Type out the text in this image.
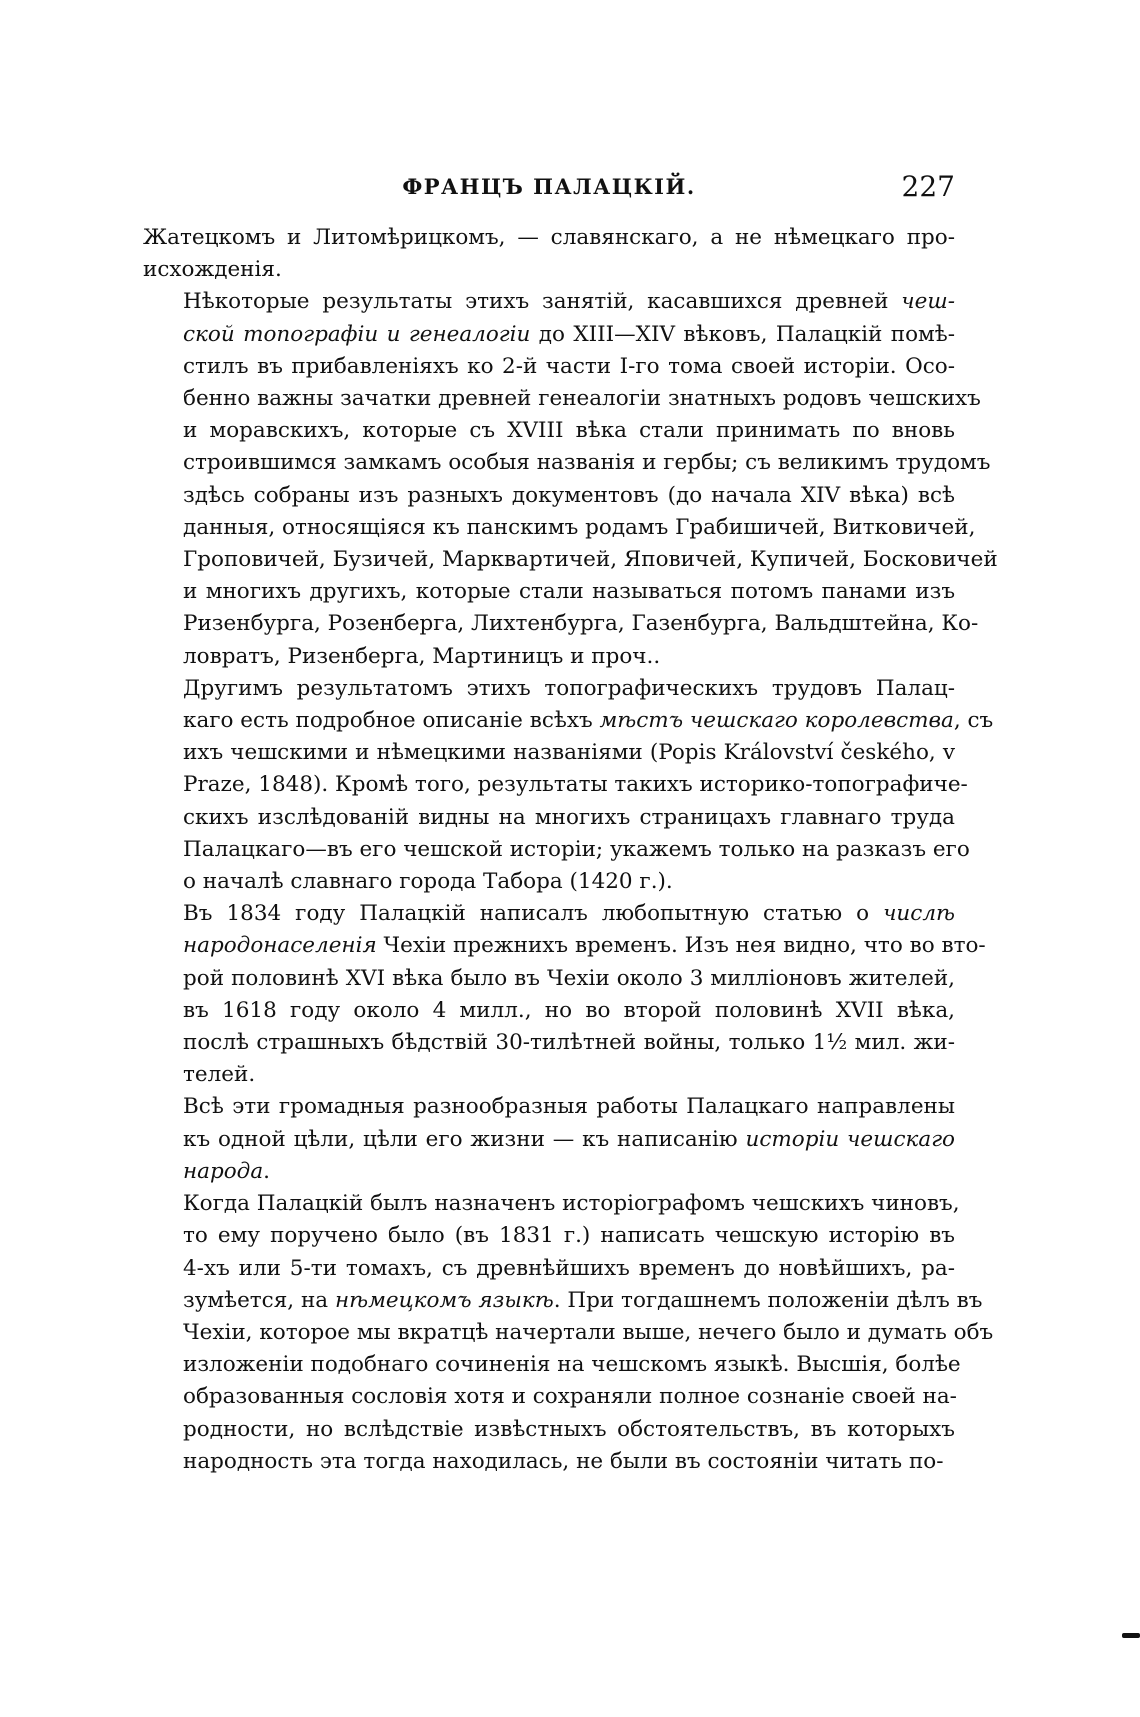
ФРАНЦЪ ПАЛАЦКІЙ.	227

Жатецкомъ и Литомѣрицкомъ, — славянскаго, а не нѣмецкаго про-
исхожденія.

Нѣкоторые результаты этихъ занятій, касавшихся древней чеш-
ской топографіи и генеалогіи до XIII—XIV вѣковъ, Палацкій помѣ-
стилъ въ прибавленіяхъ ко 2-й части I-го тома своей исторіи. Осо-
бенно важны зачатки древней генеалогіи знатныхъ родовъ чешскихъ
и моравскихъ, которые съ XVIII вѣка стали принимать по вновь
строившимся замкамъ особыя названія и гербы; съ великимъ трудомъ
здѣсь собраны изъ разныхъ документовъ (до начала XIV вѣка) всѣ
данныя, относящіяся къ панскимъ родамъ Грабишичей, Витковичей,
Гроповичей, Бузичей, Марквартичей, Яповичей, Купичей, Босковичей
и многихъ другихъ, которые стали называться потомъ панами изъ
Ризенбурга, Розенберга, Лихтенбурга, Газенбурга, Вальдштейна, Ко-
ловратъ, Ризенберга, Мартиницъ и проч..

Другимъ результатомъ этихъ топографическихъ трудовъ Палац-
каго есть подробное описаніе всѣхъ мѣстъ чешскаго королевства, съ
ихъ чешскими и нѣмецкими названіями (Popis Králоvství českého, v
Praze, 1848). Кромѣ того, результаты такихъ историко-топографиче-
скихъ изслѣдованій видны на многихъ страницахъ главнаго труда
Палацкаго—въ его чешской исторіи; укажемъ только на разказъ его
о началѣ славнаго города Табора (1420 г.).

Въ 1834 году Палацкій написалъ любопытную статью о числѣ
народонаселенія Чехіи прежнихъ временъ. Изъ нея видно, что во вто-
рой половинѣ XVI вѣка было въ Чехіи около 3 милліоновъ жителей,
въ 1618 году около 4 милл., но во второй половинѣ XVII вѣка,
послѣ страшныхъ бѣдствій 30-тилѣтней войны, только 1½ мил. жи-
телей.

Всѣ эти громадныя разнообразныя работы Палацкаго направлены
къ одной цѣли, цѣли его жизни — къ написанію исторіи чешскаго
народа.

Когда Палацкій былъ назначенъ исторіографомъ чешскихъ чиновъ,
то ему поручено было (въ 1831 г.) написать чешскую исторію въ
4-хъ или 5-ти томахъ, съ древнѣйшихъ временъ до новѣйшихъ, ра-
зумѣется, на нѣмецкомъ языкѣ. При тогдашнемъ положеніи дѣлъ въ
Чехіи, которое мы вкратцѣ начертали выше, нечего было и думать объ
изложеніи подобнаго сочиненія на чешскомъ языкѣ. Высшія, болѣе
образованныя сословія хотя и сохраняли полное сознаніе своей на-
родности, но вслѣдствіе извѣстныхъ обстоятельствъ, въ которыхъ
народность эта тогда находилась, не были въ состояніи читать по-
